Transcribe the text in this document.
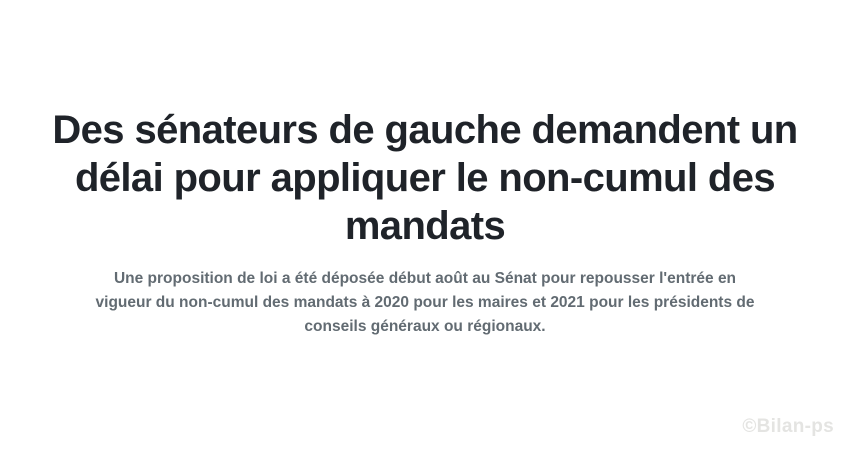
Des sénateurs de gauche demandent un
délai pour appliquer le non-cumul des
mandats

Une proposition de loi a été déposée début août au Sénat pour repousser l'entrée en
vigueur du non-cumul des mandats à 2020 pour les maires et 2021 pour les présidents de
conseils généraux ou régionaux.

©Bilan-ps
